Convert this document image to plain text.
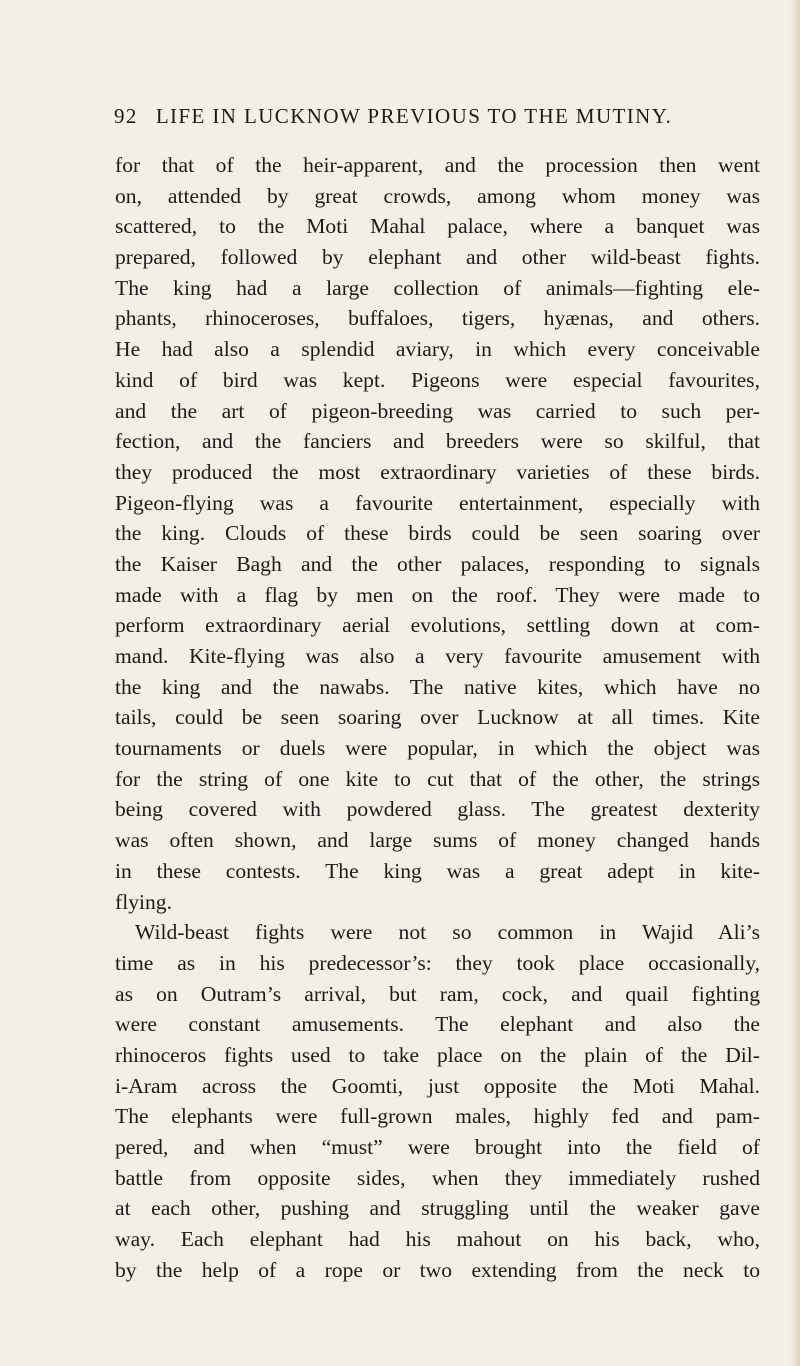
92 LIFE IN LUCKNOW PREVIOUS TO THE MUTINY.
for that of the heir-apparent, and the procession then went
on, attended by great crowds, among whom money was
scattered, to the Moti Mahal palace, where a banquet was
prepared, followed by elephant and other wild-beast fights.
The king had a large collection of animals—fighting ele-
phants, rhinoceroses, buffaloes, tigers, hyænas, and others.
He had also a splendid aviary, in which every conceivable
kind of bird was kept. Pigeons were especial favourites,
and the art of pigeon-breeding was carried to such per-
fection, and the fanciers and breeders were so skilful, that
they produced the most extraordinary varieties of these birds.
Pigeon-flying was a favourite entertainment, especially with
the king. Clouds of these birds could be seen soaring over
the Kaiser Bagh and the other palaces, responding to signals
made with a flag by men on the roof. They were made to
perform extraordinary aerial evolutions, settling down at com-
mand. Kite-flying was also a very favourite amusement with
the king and the nawabs. The native kites, which have no
tails, could be seen soaring over Lucknow at all times. Kite
tournaments or duels were popular, in which the object was
for the string of one kite to cut that of the other, the strings
being covered with powdered glass. The greatest dexterity
was often shown, and large sums of money changed hands
in these contests. The king was a great adept in kite-
flying.
Wild-beast fights were not so common in Wajid Ali’s
time as in his predecessor’s: they took place occasionally,
as on Outram’s arrival, but ram, cock, and quail fighting
were constant amusements. The elephant and also the
rhinoceros fights used to take place on the plain of the Dil-
i-Aram across the Goomti, just opposite the Moti Mahal.
The elephants were full-grown males, highly fed and pam-
pered, and when “must” were brought into the field of
battle from opposite sides, when they immediately rushed
at each other, pushing and struggling until the weaker gave
way. Each elephant had his mahout on his back, who,
by the help of a rope or two extending from the neck to
